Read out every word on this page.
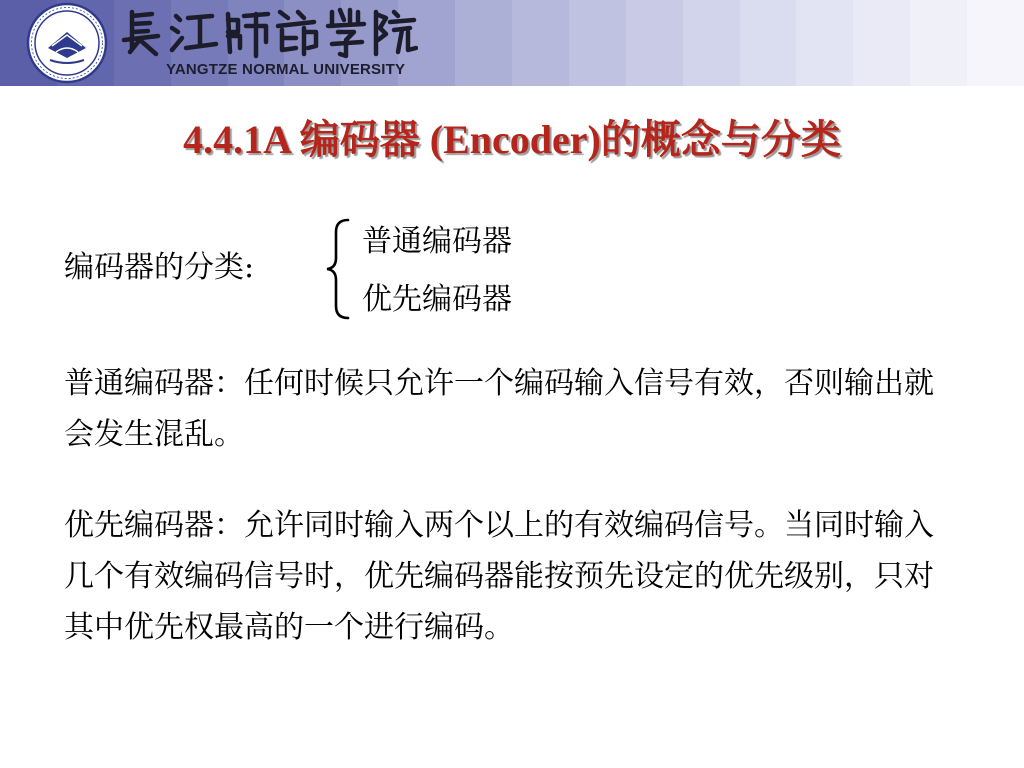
YANGTZE NORMAL UNIVERSITY
4.4.1A 编码器 (Encoder)的概念与分类
编码器的分类:
普通编码器
优先编码器

普通编码器：任何时候只允许一个编码输入信号有效，否则输出就会发生混乱。

优先编码器：允许同时输入两个以上的有效编码信号。当同时输入几个有效编码信号时，优先编码器能按预先设定的优先级别，只对其中优先权最高的一个进行编码。
